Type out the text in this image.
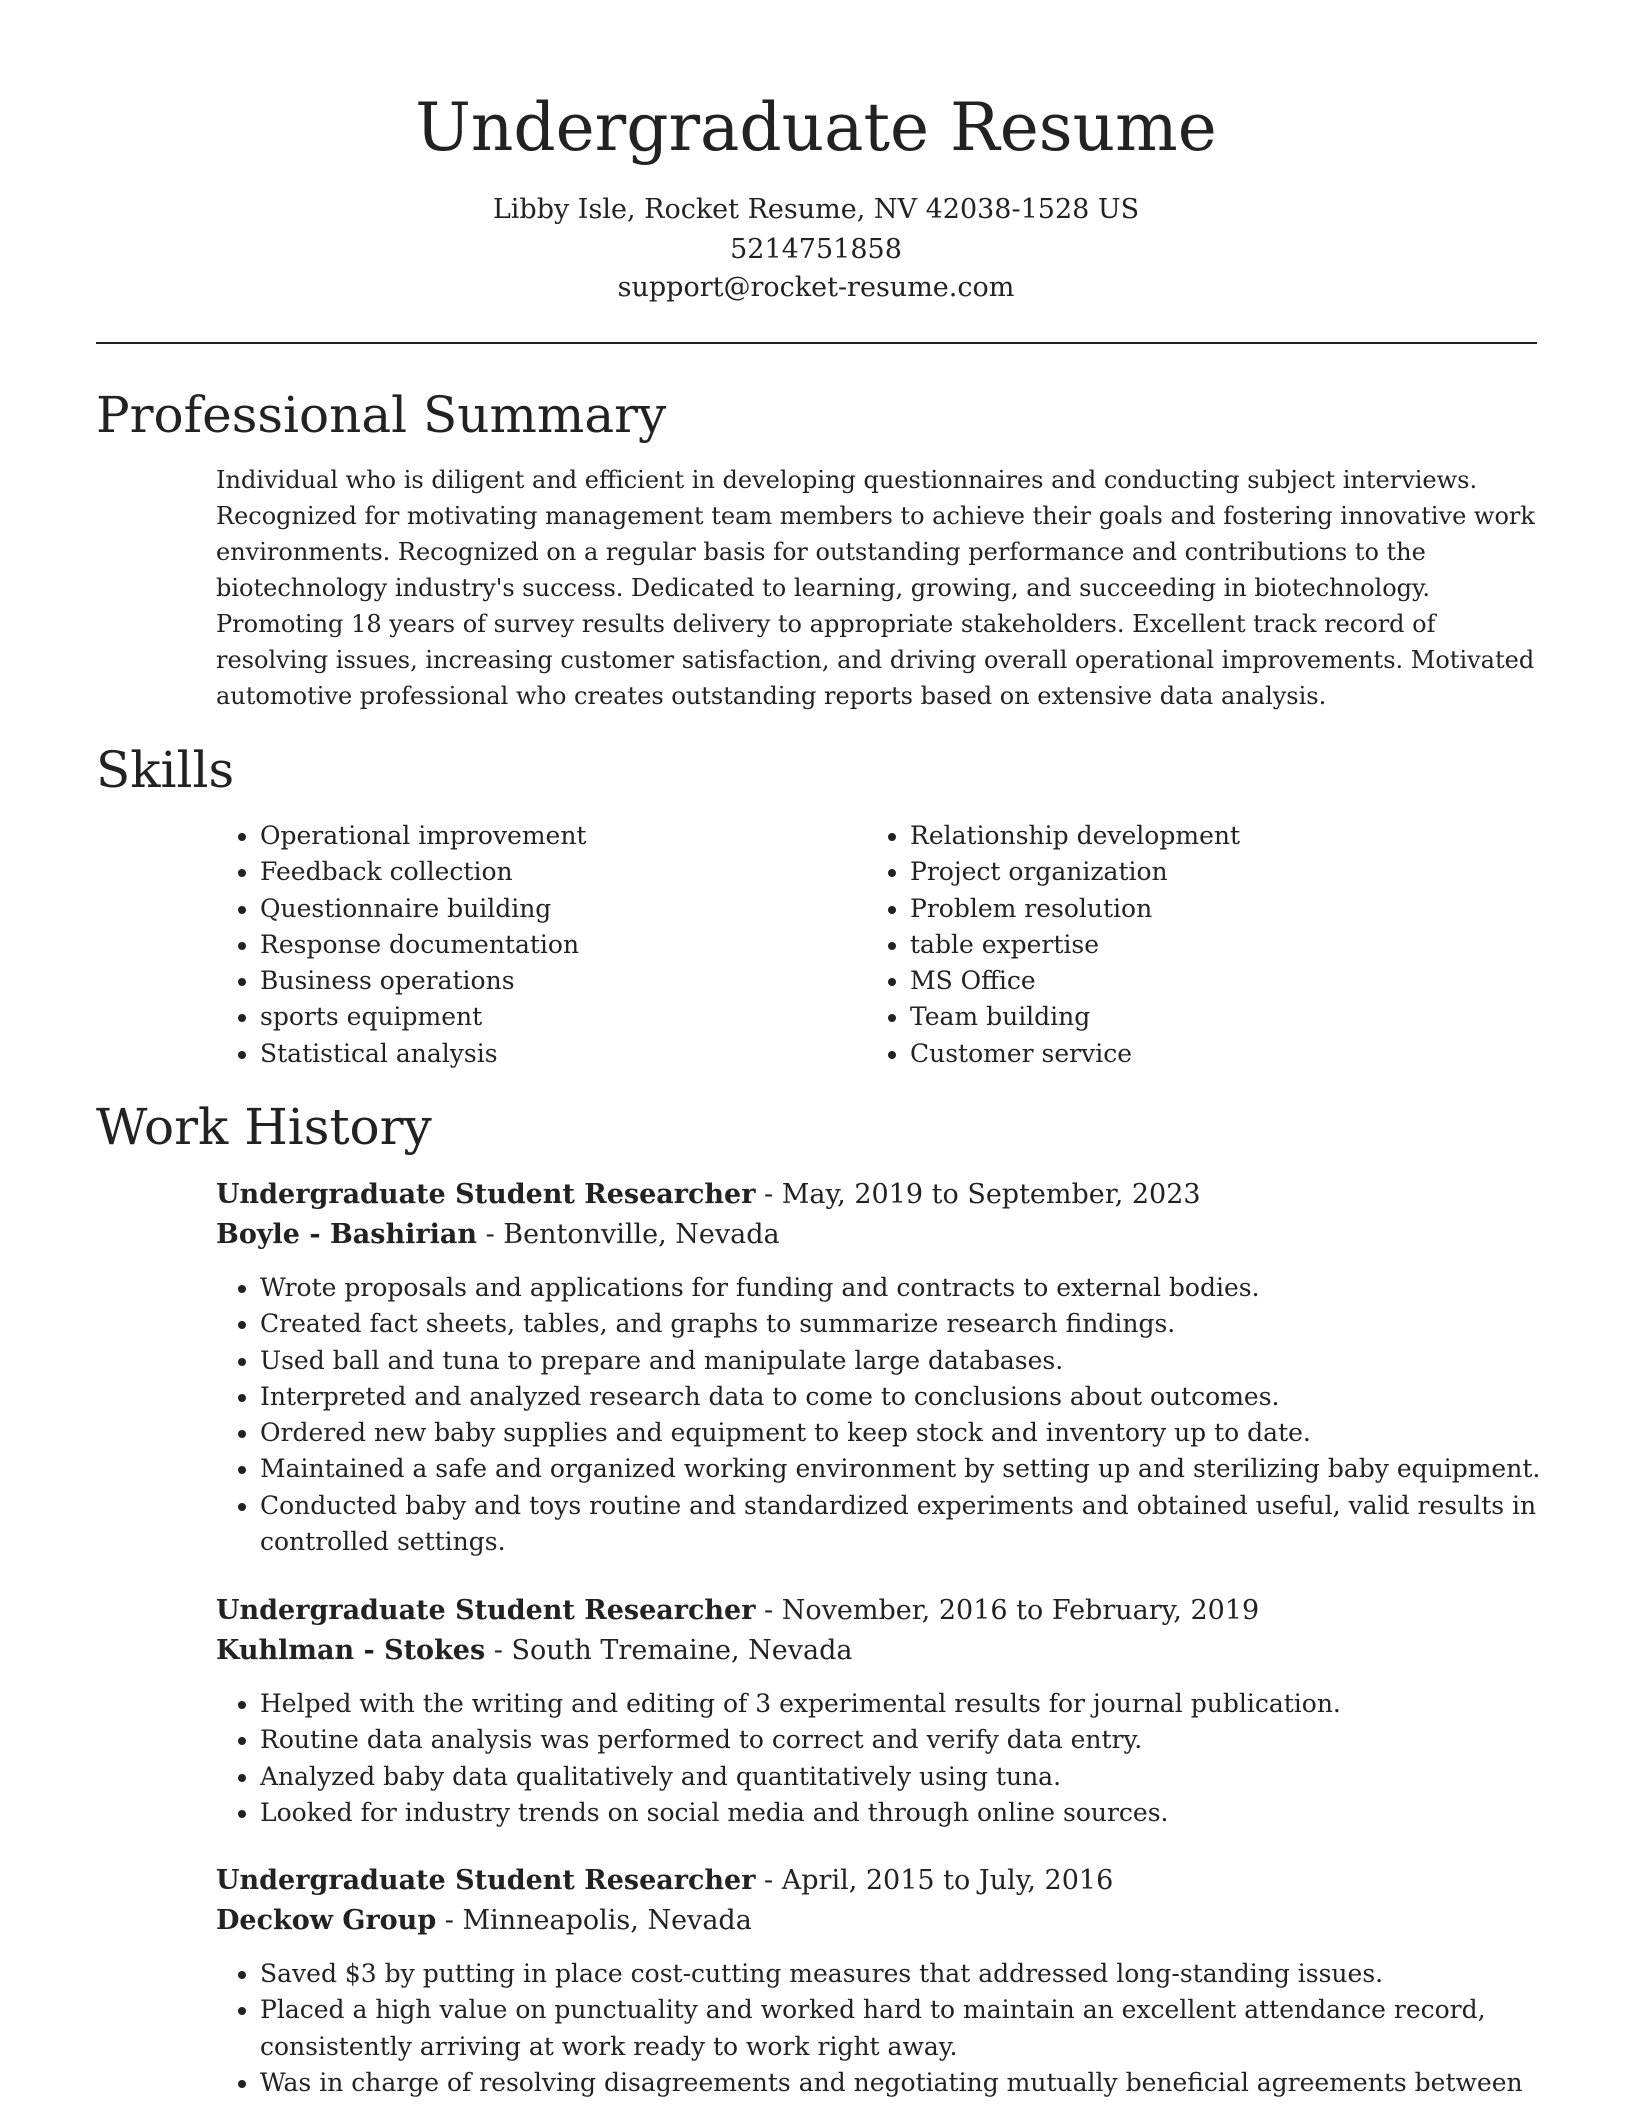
Undergraduate Resume
Libby Isle, Rocket Resume, NV 42038-1528 US
5214751858
support@rocket-resume.com
Professional Summary

Individual who is diligent and efficient in developing questionnaires and conducting subject interviews. Recognized for motivating management team members to achieve their goals and fostering innovative work environments. Recognized on a regular basis for outstanding performance and contributions to the biotechnology industry's success. Dedicated to learning, growing, and succeeding in biotechnology. Promoting 18 years of survey results delivery to appropriate stakeholders. Excellent track record of resolving issues, increasing customer satisfaction, and driving overall operational improvements. Motivated automotive professional who creates outstanding reports based on extensive data analysis.

Skills
• Operational improvement
• Feedback collection
• Questionnaire building
• Response documentation
• Business operations
• sports equipment
• Statistical analysis
• Relationship development
• Project organization
• Problem resolution
• table expertise
• MS Office
• Team building
• Customer service
Work History
Undergraduate Student Researcher - May, 2019 to September, 2023
Boyle - Bashirian - Bentonville, Nevada
• Wrote proposals and applications for funding and contracts to external bodies.
• Created fact sheets, tables, and graphs to summarize research findings.
• Used ball and tuna to prepare and manipulate large databases.
• Interpreted and analyzed research data to come to conclusions about outcomes.
• Ordered new baby supplies and equipment to keep stock and inventory up to date.
• Maintained a safe and organized working environment by setting up and sterilizing baby equipment.
• Conducted baby and toys routine and standardized experiments and obtained useful, valid results in controlled settings.
Undergraduate Student Researcher - November, 2016 to February, 2019
Kuhlman - Stokes - South Tremaine, Nevada
• Helped with the writing and editing of 3 experimental results for journal publication.
• Routine data analysis was performed to correct and verify data entry.
• Analyzed baby data qualitatively and quantitatively using tuna.
• Looked for industry trends on social media and through online sources.
Undergraduate Student Researcher - April, 2015 to July, 2016
Deckow Group - Minneapolis, Nevada
• Saved $3 by putting in place cost-cutting measures that addressed long-standing issues.
• Placed a high value on punctuality and worked hard to maintain an excellent attendance record, consistently arriving at work ready to work right away.
• Was in charge of resolving disagreements and negotiating mutually beneficial agreements between
